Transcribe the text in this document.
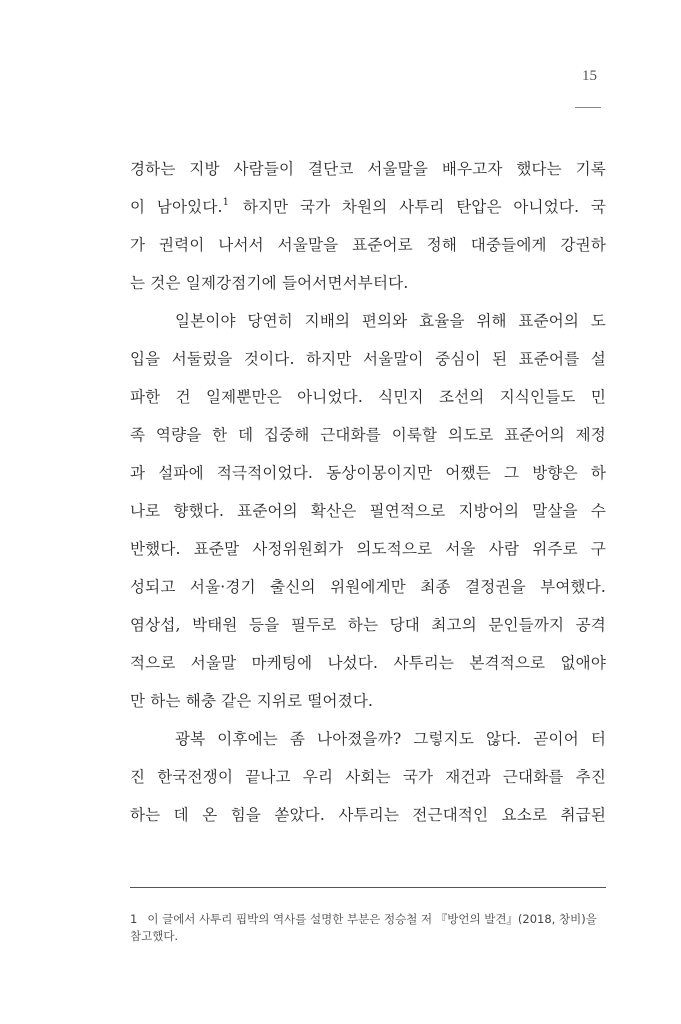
15
경하는 지방 사람들이 결단코 서울말을 배우고자 했다는 기록
이 남아있다.$^1$ 하지만 국가 차원의 사투리 탄압은 아니었다. 국
가 권력이 나서서 서울말을 표준어로 정해 대중들에게 강권하
는 것은 일제강점기에 들어서면서부터다.
일본이야 당연히 지배의 편의와 효율을 위해 표준어의 도
입을 서둘렀을 것이다. 하지만 서울말이 중심이 된 표준어를 설
파한 건 일제뿐만은 아니었다. 식민지 조선의 지식인들도 민
족 역량을 한 데 집중해 근대화를 이룩할 의도로 표준어의 제정
과 설파에 적극적이었다. 동상이몽이지만 어쨌든 그 방향은 하
나로 향했다. 표준어의 확산은 필연적으로 지방어의 말살을 수
반했다. 표준말 사정위원회가 의도적으로 서울 사람 위주로 구
성되고 서울·경기 출신의 위원에게만 최종 결정권을 부여했다.
염상섭, 박태원 등을 필두로 하는 당대 최고의 문인들까지 공격
적으로 서울말 마케팅에 나섰다. 사투리는 본격적으로 없애야
만 하는 해충 같은 지위로 떨어졌다.
광복 이후에는 좀 나아졌을까? 그렇지도 않다. 곧이어 터
진 한국전쟁이 끝나고 우리 사회는 국가 재건과 근대화를 추진
하는 데 온 힘을 쏟았다. 사투리는 전근대적인 요소로 취급된
1 이 글에서 사투리 핍박의 역사를 설명한 부분은 정승철 저 『방언의 발견』(2018, 창비)을 참고했다.
